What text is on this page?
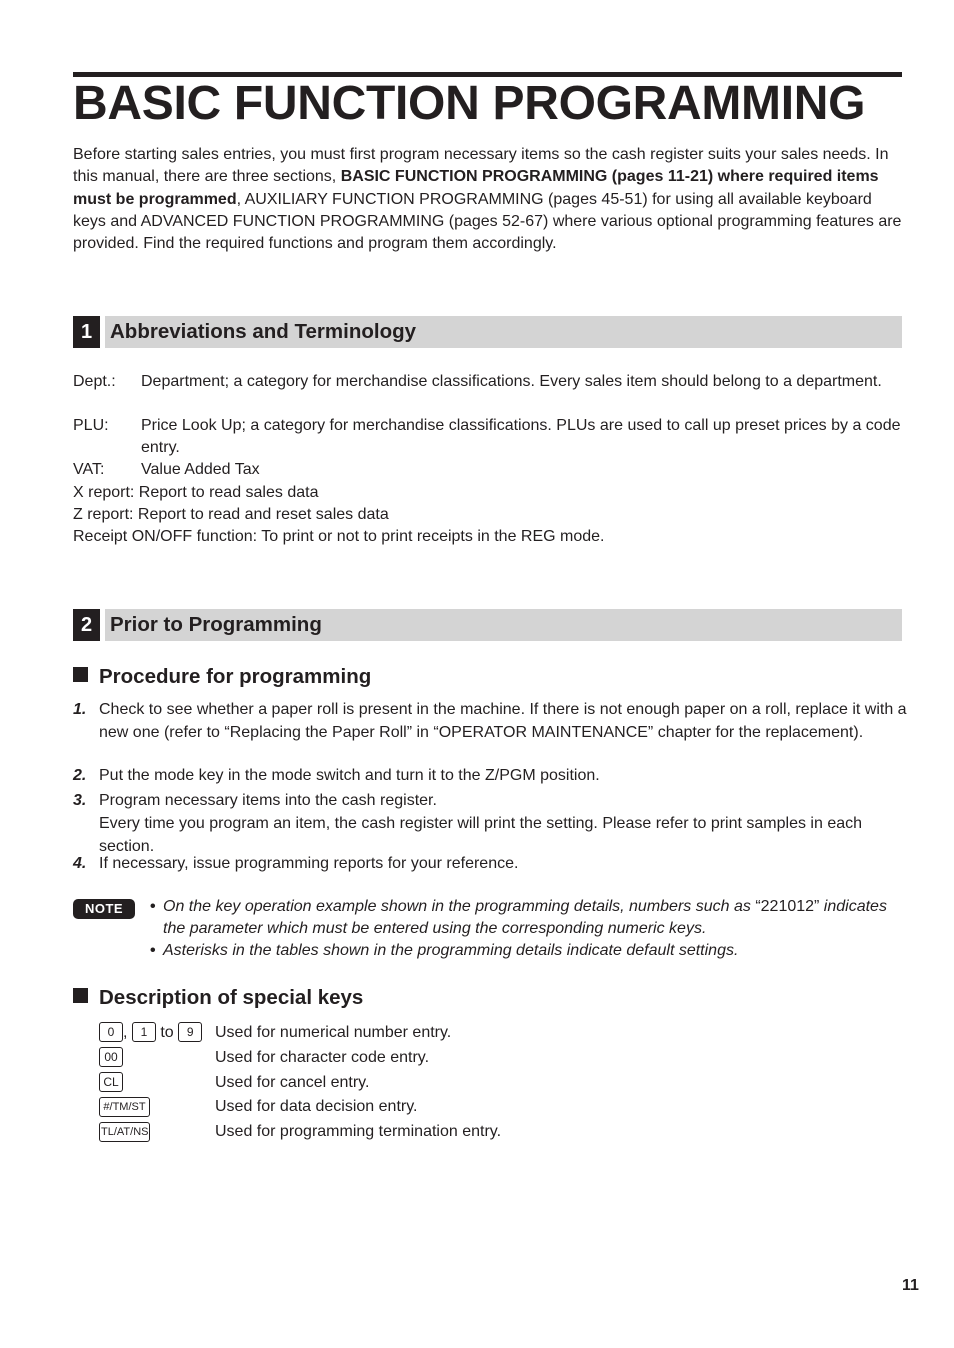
BASIC FUNCTION PROGRAMMING
Before starting sales entries, you must first program necessary items so the cash register suits your sales needs. In this manual, there are three sections, BASIC FUNCTION PROGRAMMING (pages 11-21) where required items must be programmed, AUXILIARY FUNCTION PROGRAMMING (pages 45-51) for using all available keyboard keys and ADVANCED FUNCTION PROGRAMMING (pages 52-67) where various optional programming features are provided. Find the required functions and program them accordingly.
1 Abbreviations and Terminology
Dept.: Department; a category for merchandise classifications. Every sales item should belong to a department.
PLU: Price Look Up; a category for merchandise classifications. PLUs are used to call up preset prices by a code entry.
VAT: Value Added Tax
X report: Report to read sales data
Z report: Report to read and reset sales data
Receipt ON/OFF function: To print or not to print receipts in the REG mode.
2 Prior to Programming
Procedure for programming
1. Check to see whether a paper roll is present in the machine. If there is not enough paper on a roll, replace it with a new one (refer to “Replacing the Paper Roll” in “OPERATOR MAINTENANCE” chapter for the replacement).
2. Put the mode key in the mode switch and turn it to the Z/PGM position.
3. Program necessary items into the cash register.
Every time you program an item, the cash register will print the setting. Please refer to print samples in each section.
4. If necessary, issue programming reports for your reference.
NOTE	• On the key operation example shown in the programming details, numbers such as “221012” indicates the parameter which must be entered using the corresponding numeric keys.
• Asterisks in the tables shown in the programming details indicate default settings.
Description of special keys
0 , 1 to 9	Used for numerical number entry.
00	Used for character code entry.
CL	Used for cancel entry.
#/TM/ST	Used for data decision entry.
TL/AT/NS	Used for programming termination entry.
11
